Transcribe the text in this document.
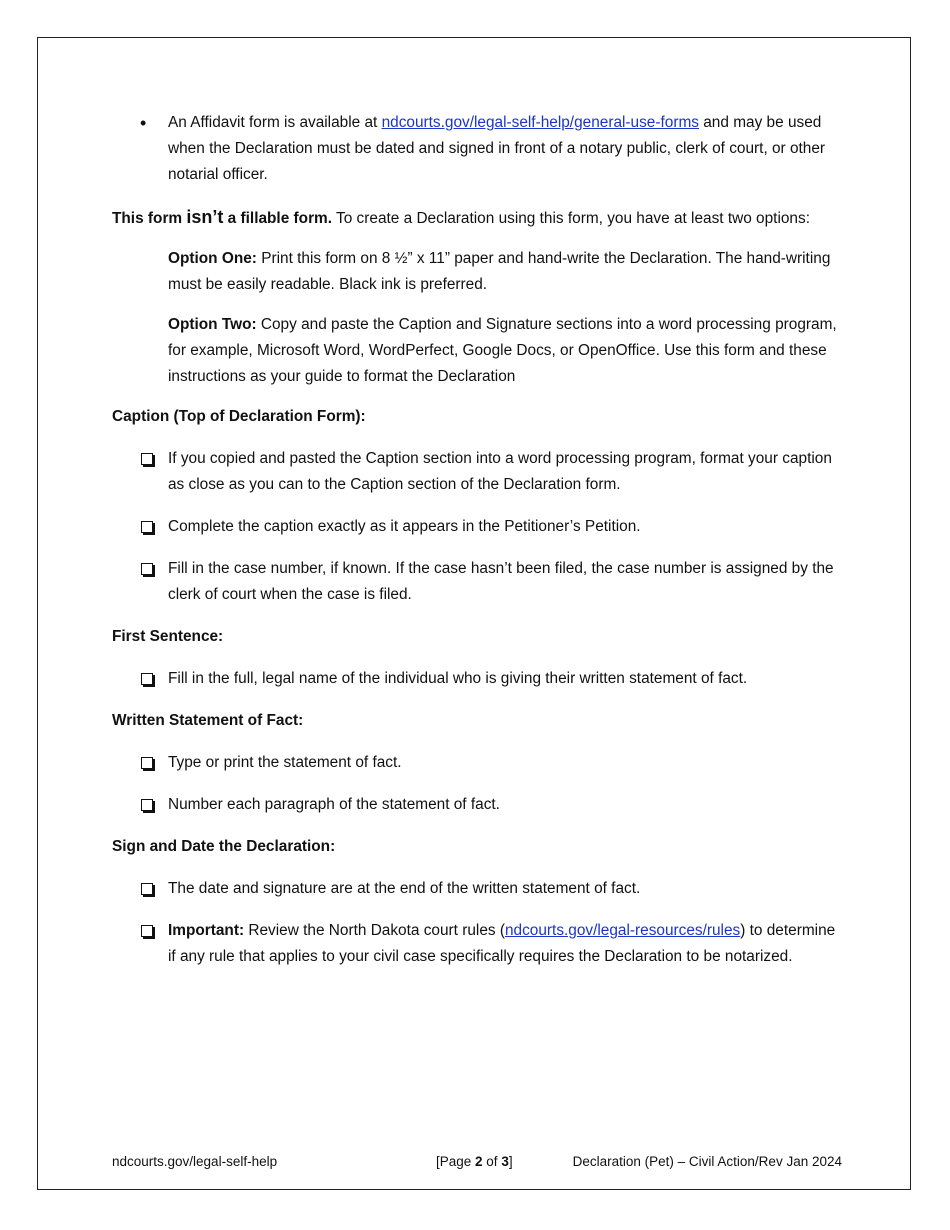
• An Affidavit form is available at ndcourts.gov/legal-self-help/general-use-forms and may be used when the Declaration must be dated and signed in front of a notary public, clerk of court, or other notarial officer.

This form isn’t a fillable form. To create a Declaration using this form, you have at least two options:

Option One: Print this form on 8 ½” x 11” paper and hand-write the Declaration. The hand-writing must be easily readable. Black ink is preferred.

Option Two: Copy and paste the Caption and Signature sections into a word processing program, for example, Microsoft Word, WordPerfect, Google Docs, or OpenOffice. Use this form and these instructions as your guide to format the Declaration

Caption (Top of Declaration Form):

If you copied and pasted the Caption section into a word processing program, format your caption as close as you can to the Caption section of the Declaration form.
Complete the caption exactly as it appears in the Petitioner’s Petition.
Fill in the case number, if known. If the case hasn’t been filed, the case number is assigned by the clerk of court when the case is filed.

First Sentence:

Fill in the full, legal name of the individual who is giving their written statement of fact.

Written Statement of Fact:

Type or print the statement of fact.
Number each paragraph of the statement of fact.

Sign and Date the Declaration:

The date and signature are at the end of the written statement of fact.
Important: Review the North Dakota court rules (ndcourts.gov/legal-resources/rules) to determine if any rule that applies to your civil case specifically requires the Declaration to be notarized.
ndcourts.gov/legal-self-help	[Page 2 of 3]	Declaration (Pet) – Civil Action/Rev Jan 2024
